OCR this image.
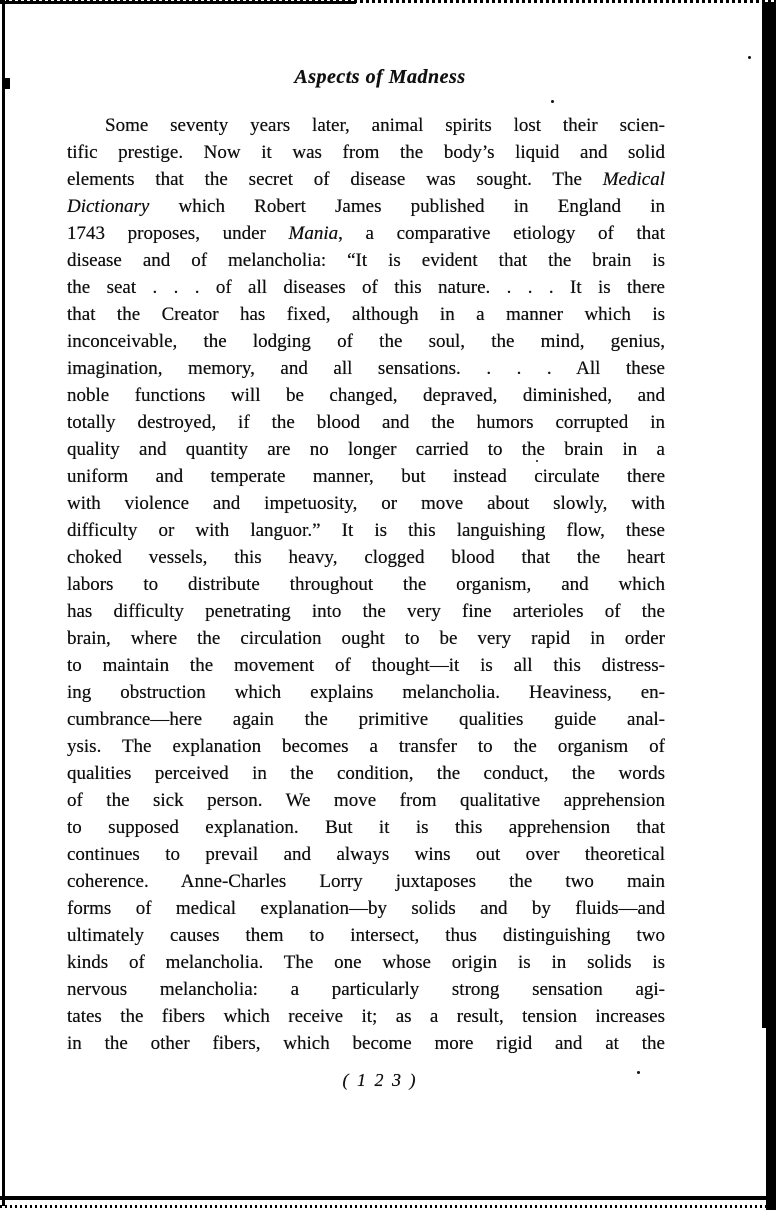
Aspects of Madness
Some seventy years later, animal spirits lost their scien-
tific prestige. Now it was from the body’s liquid and solid
elements that the secret of disease was sought. The Medical
Dictionary which Robert James published in England in
1743 proposes, under Mania, a comparative etiology of that
disease and of melancholia: “It is evident that the brain is
the seat . . . of all diseases of this nature. . . . It is there
that the Creator has fixed, although in a manner which is
inconceivable, the lodging of the soul, the mind, genius,
imagination, memory, and all sensations. . . . All these
noble functions will be changed, depraved, diminished, and
totally destroyed, if the blood and the humors corrupted in
quality and quantity are no longer carried to the brain in a
uniform and temperate manner, but instead circulate there
with violence and impetuosity, or move about slowly, with
difficulty or with languor.” It is this languishing flow, these
choked vessels, this heavy, clogged blood that the heart
labors to distribute throughout the organism, and which
has difficulty penetrating into the very fine arterioles of the
brain, where the circulation ought to be very rapid in order
to maintain the movement of thought—it is all this distress-
ing obstruction which explains melancholia. Heaviness, en-
cumbrance—here again the primitive qualities guide anal-
ysis. The explanation becomes a transfer to the organism of
qualities perceived in the condition, the conduct, the words
of the sick person. We move from qualitative apprehension
to supposed explanation. But it is this apprehension that
continues to prevail and always wins out over theoretical
coherence. Anne-Charles Lorry juxtaposes the two main
forms of medical explanation—by solids and by fluids—and
ultimately causes them to intersect, thus distinguishing two
kinds of melancholia. The one whose origin is in solids is
nervous melancholia: a particularly strong sensation agi-
tates the fibers which receive it; as a result, tension increases
in the other fibers, which become more rigid and at the
( 1 2 3 )
